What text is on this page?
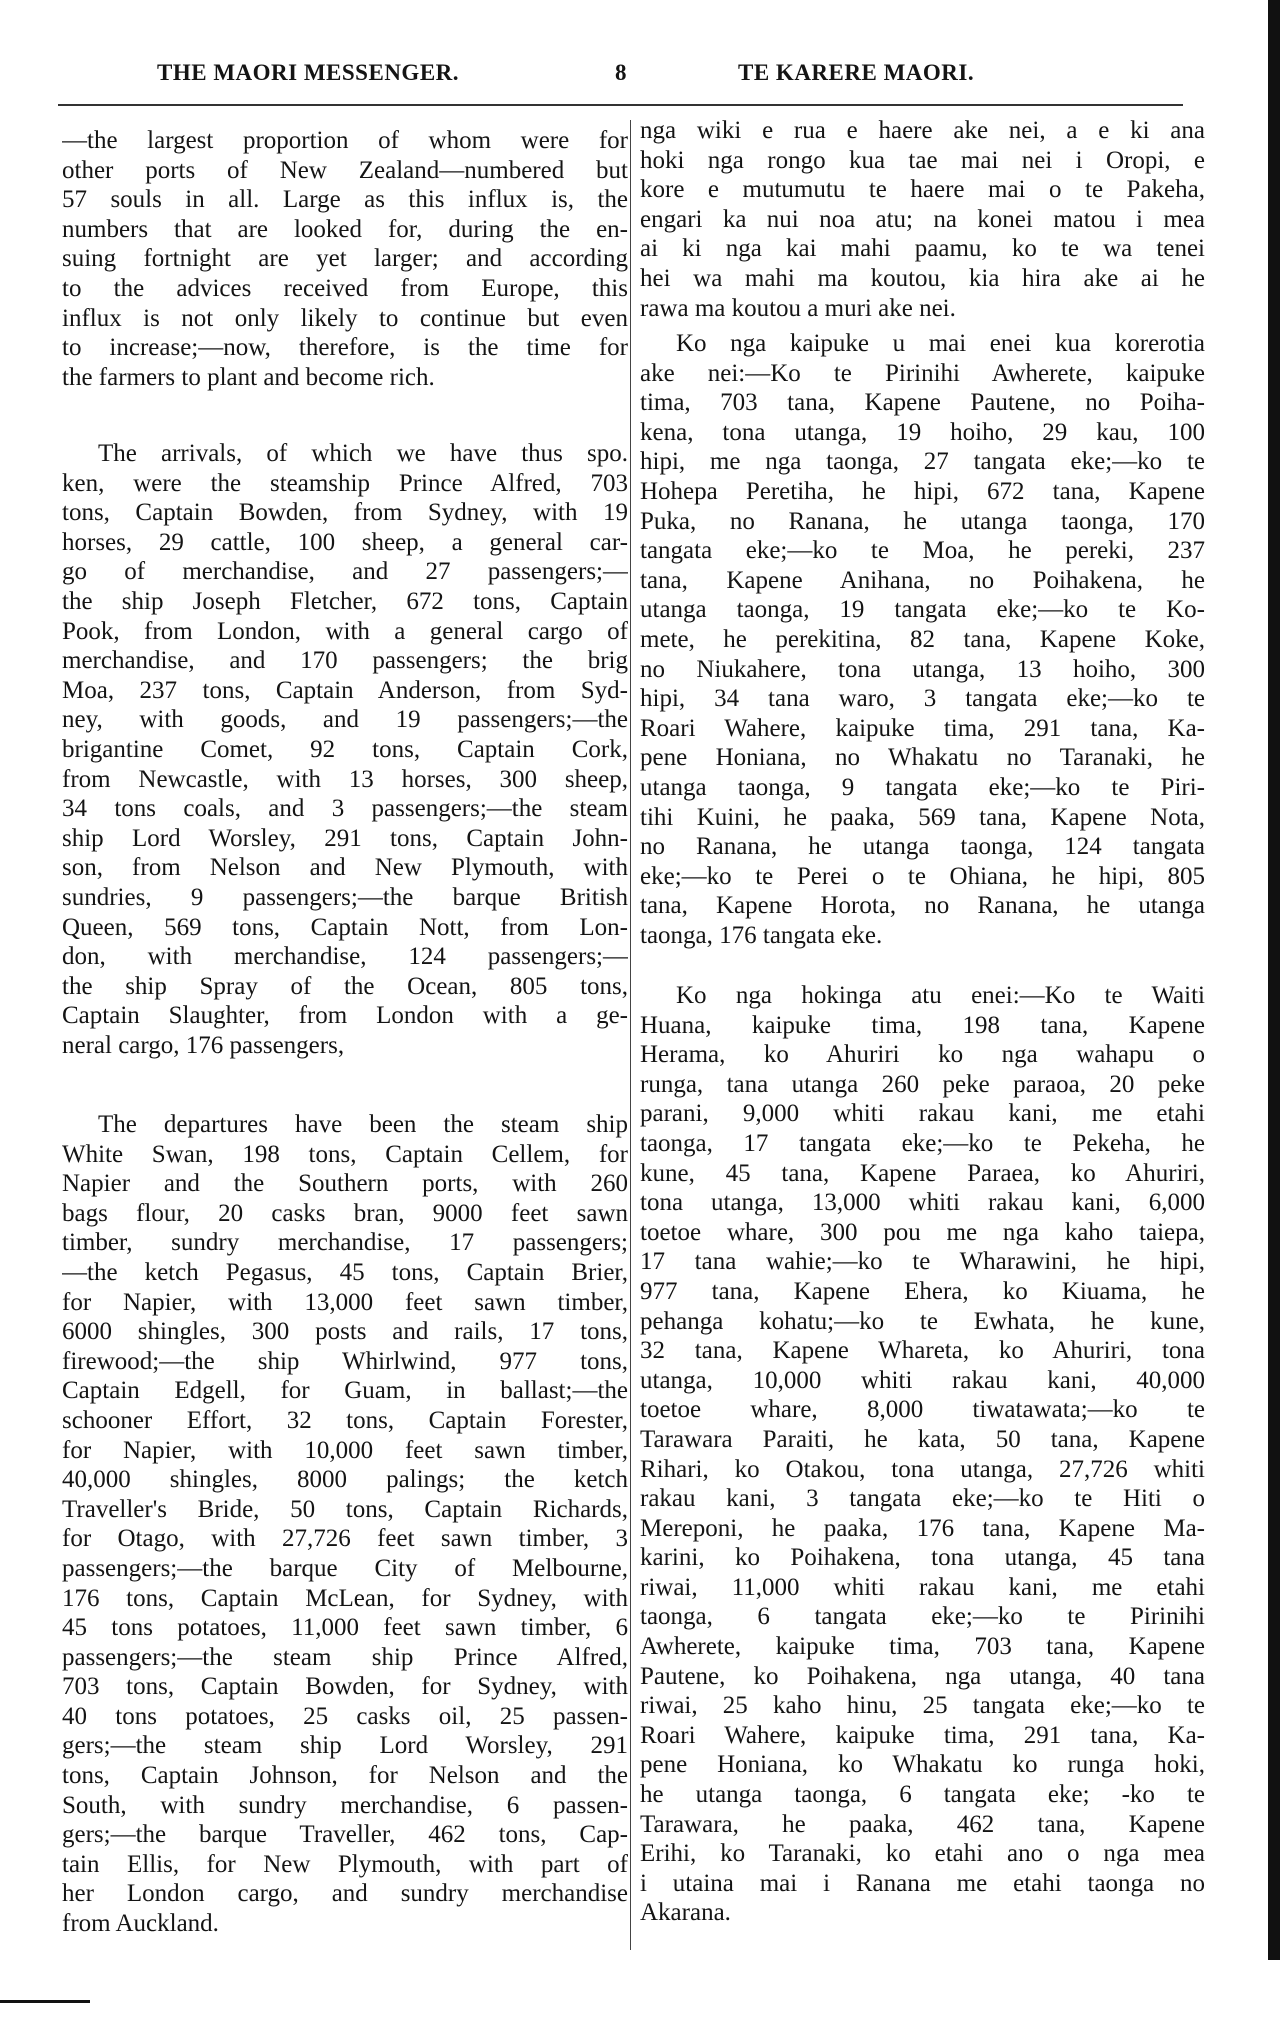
THE MAORI MESSENGER.	8	TE KARERE MAORI.
—the largest proportion of whom were for
other ports of New Zealand—numbered but
57 souls in all. Large as this influx is, the
numbers that are looked for, during the en-
suing fortnight are yet larger; and according
to the advices received from Europe, this
influx is not only likely to continue but even
to increase;—now, therefore, is the time for
the farmers to plant and become rich.
The arrivals, of which we have thus spo.
ken, were the steamship Prince Alfred, 703
tons, Captain Bowden, from Sydney, with 19
horses, 29 cattle, 100 sheep, a general car-
go of merchandise, and 27 passengers;—
the ship Joseph Fletcher, 672 tons, Captain
Pook, from London, with a general cargo of
merchandise, and 170 passengers; the brig
Moa, 237 tons, Captain Anderson, from Syd-
ney, with goods, and 19 passengers;—the
brigantine Comet, 92 tons, Captain Cork,
from Newcastle, with 13 horses, 300 sheep,
34 tons coals, and 3 passengers;—the steam
ship Lord Worsley, 291 tons, Captain John-
son, from Nelson and New Plymouth, with
sundries, 9 passengers;—the barque British
Queen, 569 tons, Captain Nott, from Lon-
don, with merchandise, 124 passengers;—
the ship Spray of the Ocean, 805 tons,
Captain Slaughter, from London with a ge-
neral cargo, 176 passengers,
The departures have been the steam ship
White Swan, 198 tons, Captain Cellem, for
Napier and the Southern ports, with 260
bags flour, 20 casks bran, 9000 feet sawn
timber, sundry merchandise, 17 passengers;
—the ketch Pegasus, 45 tons, Captain Brier,
for Napier, with 13,000 feet sawn timber,
6000 shingles, 300 posts and rails, 17 tons,
firewood;—the ship Whirlwind, 977 tons,
Captain Edgell, for Guam, in ballast;—the
schooner Effort, 32 tons, Captain Forester,
for Napier, with 10,000 feet sawn timber,
40,000 shingles, 8000 palings; the ketch
Traveller's Bride, 50 tons, Captain Richards,
for Otago, with 27,726 feet sawn timber, 3
passengers;—the barque City of Melbourne,
176 tons, Captain McLean, for Sydney, with
45 tons potatoes, 11,000 feet sawn timber, 6
passengers;—the steam ship Prince Alfred,
703 tons, Captain Bowden, for Sydney, with
40 tons potatoes, 25 casks oil, 25 passen-
gers;—the steam ship Lord Worsley, 291
tons, Captain Johnson, for Nelson and the
South, with sundry merchandise, 6 passen-
gers;—the barque Traveller, 462 tons, Cap-
tain Ellis, for New Plymouth, with part of
her London cargo, and sundry merchandise
from Auckland.
nga wiki e rua e haere ake nei, a e ki ana
hoki nga rongo kua tae mai nei i Oropi, e
kore e mutumutu te haere mai o te Pakeha,
engari ka nui noa atu; na konei matou i mea
ai ki nga kai mahi paamu, ko te wa tenei
hei wa mahi ma koutou, kia hira ake ai he
rawa ma koutou a muri ake nei.
Ko nga kaipuke u mai enei kua korerotia
ake nei:—Ko te Pirinihi Awherete, kaipuke
tima, 703 tana, Kapene Pautene, no Poiha-
kena, tona utanga, 19 hoiho, 29 kau, 100
hipi, me nga taonga, 27 tangata eke;—ko te
Hohepa Peretiha, he hipi, 672 tana, Kapene
Puka, no Ranana, he utanga taonga, 170
tangata eke;—ko te Moa, he pereki, 237
tana, Kapene Anihana, no Poihakena, he
utanga taonga, 19 tangata eke;—ko te Ko-
mete, he perekitina, 82 tana, Kapene Koke,
no Niukahere, tona utanga, 13 hoiho, 300
hipi, 34 tana waro, 3 tangata eke;—ko te
Roari Wahere, kaipuke tima, 291 tana, Ka-
pene Honiana, no Whakatu no Taranaki, he
utanga taonga, 9 tangata eke;—ko te Piri-
tihi Kuini, he paaka, 569 tana, Kapene Nota,
no Ranana, he utanga taonga, 124 tangata
eke;—ko te Perei o te Ohiana, he hipi, 805
tana, Kapene Horota, no Ranana, he utanga
taonga, 176 tangata eke.
Ko nga hokinga atu enei:—Ko te Waiti
Huana, kaipuke tima, 198 tana, Kapene
Herama, ko Ahuriri ko nga wahapu o
runga, tana utanga 260 peke paraoa, 20 peke
parani, 9,000 whiti rakau kani, me etahi
taonga, 17 tangata eke;—ko te Pekeha, he
kune, 45 tana, Kapene Paraea, ko Ahuriri,
tona utanga, 13,000 whiti rakau kani, 6,000
toetoe whare, 300 pou me nga kaho taiepa,
17 tana wahie;—ko te Wharawini, he hipi,
977 tana, Kapene Ehera, ko Kiuama, he
pehanga kohatu;—ko te Ewhata, he kune,
32 tana, Kapene Whareta, ko Ahuriri, tona
utanga, 10,000 whiti rakau kani, 40,000
toetoe whare, 8,000 tiwatawata;—ko te
Tarawara Paraiti, he kata, 50 tana, Kapene
Rihari, ko Otakou, tona utanga, 27,726 whiti
rakau kani, 3 tangata eke;—ko te Hiti o
Mereponi, he paaka, 176 tana, Kapene Ma-
karini, ko Poihakena, tona utanga, 45 tana
riwai, 11,000 whiti rakau kani, me etahi
taonga, 6 tangata eke;—ko te Pirinihi
Awherete, kaipuke tima, 703 tana, Kapene
Pautene, ko Poihakena, nga utanga, 40 tana
riwai, 25 kaho hinu, 25 tangata eke;—ko te
Roari Wahere, kaipuke tima, 291 tana, Ka-
pene Honiana, ko Whakatu ko runga hoki,
he utanga taonga, 6 tangata eke; -ko te
Tarawara, he paaka, 462 tana, Kapene
Erihi, ko Taranaki, ko etahi ano o nga mea
i utaina mai i Ranana me etahi taonga no
Akarana.
